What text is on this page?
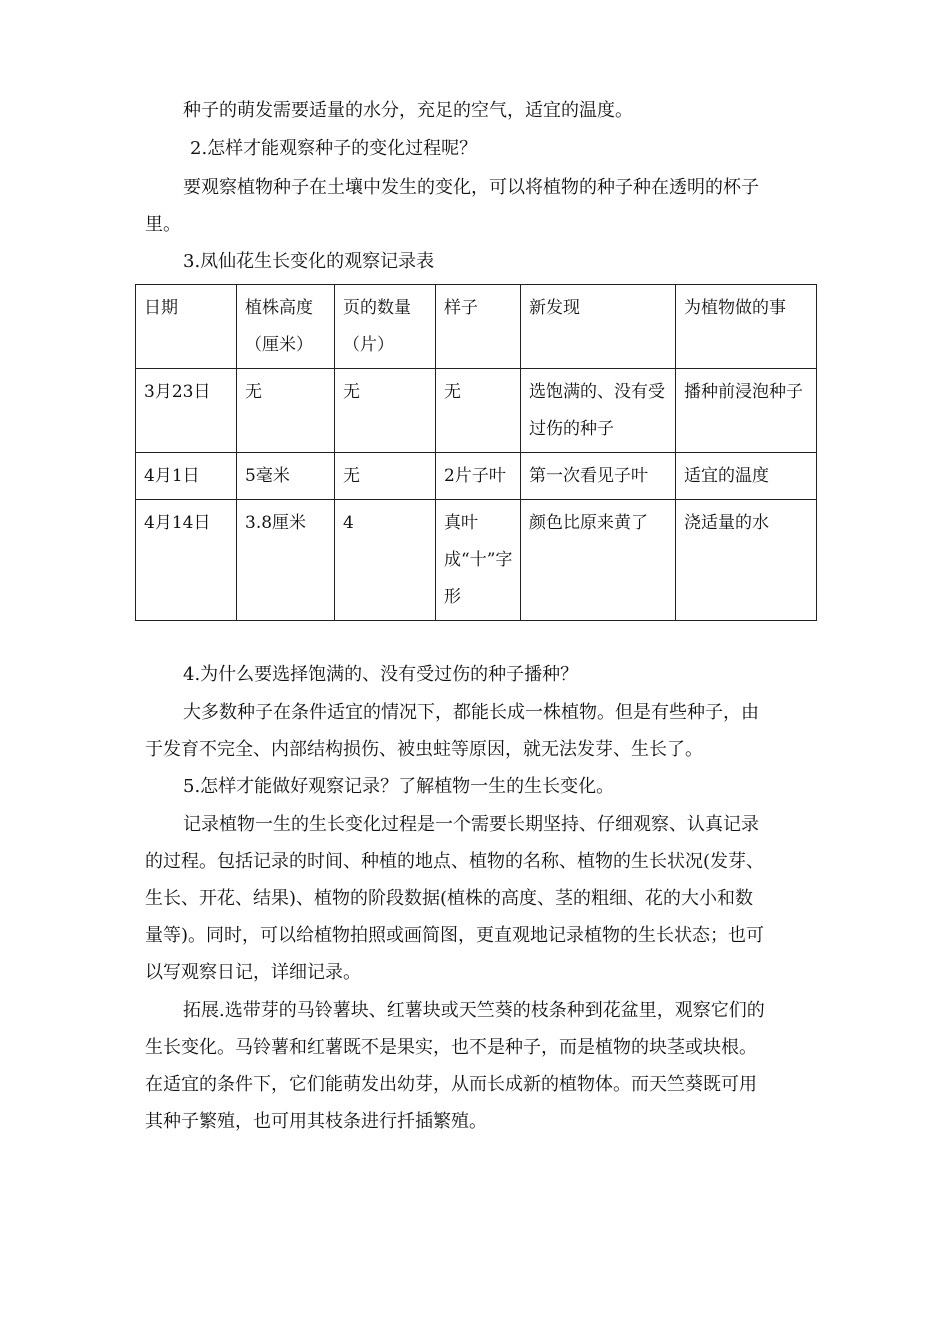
种子的萌发需要适量的水分，充足的空气，适宜的温度。
2.怎样才能观察种子的变化过程呢？
要观察植物种子在土壤中发生的变化，可以将植物的种子种在透明的杯子
里。
3.凤仙花生长变化的观察记录表
日期	植株高度（厘米）	页的数量（片）	样子	新发现	为植物做的事
3月23日	无	无	无	选饱满的、没有受过伤的种子	播种前浸泡种子
4月1日	5毫米	无	2片子叶	第一次看见子叶	适宜的温度
4月14日	3.8厘米	4	真叶成“十”字形	颜色比原来黄了	浇适量的水
4.为什么要选择饱满的、没有受过伤的种子播种？
大多数种子在条件适宜的情况下，都能长成一株植物。但是有些种子，由
于发育不完全、内部结构损伤、被虫蛀等原因，就无法发芽、生长了。
5.怎样才能做好观察记录？了解植物一生的生长变化。
记录植物一生的生长变化过程是一个需要长期坚持、仔细观察、认真记录
的过程。包括记录的时间、种植的地点、植物的名称、植物的生长状况(发芽、
生长、开花、结果)、植物的阶段数据(植株的高度、茎的粗细、花的大小和数
量等)。同时，可以给植物拍照或画简图，更直观地记录植物的生长状态；也可
以写观察日记，详细记录。
拓展.选带芽的马铃薯块、红薯块或天竺葵的枝条种到花盆里，观察它们的
生长变化。马铃薯和红薯既不是果实，也不是种子，而是植物的块茎或块根。
在适宜的条件下，它们能萌发出幼芽，从而长成新的植物体。而天竺葵既可用
其种子繁殖，也可用其枝条进行扦插繁殖。
